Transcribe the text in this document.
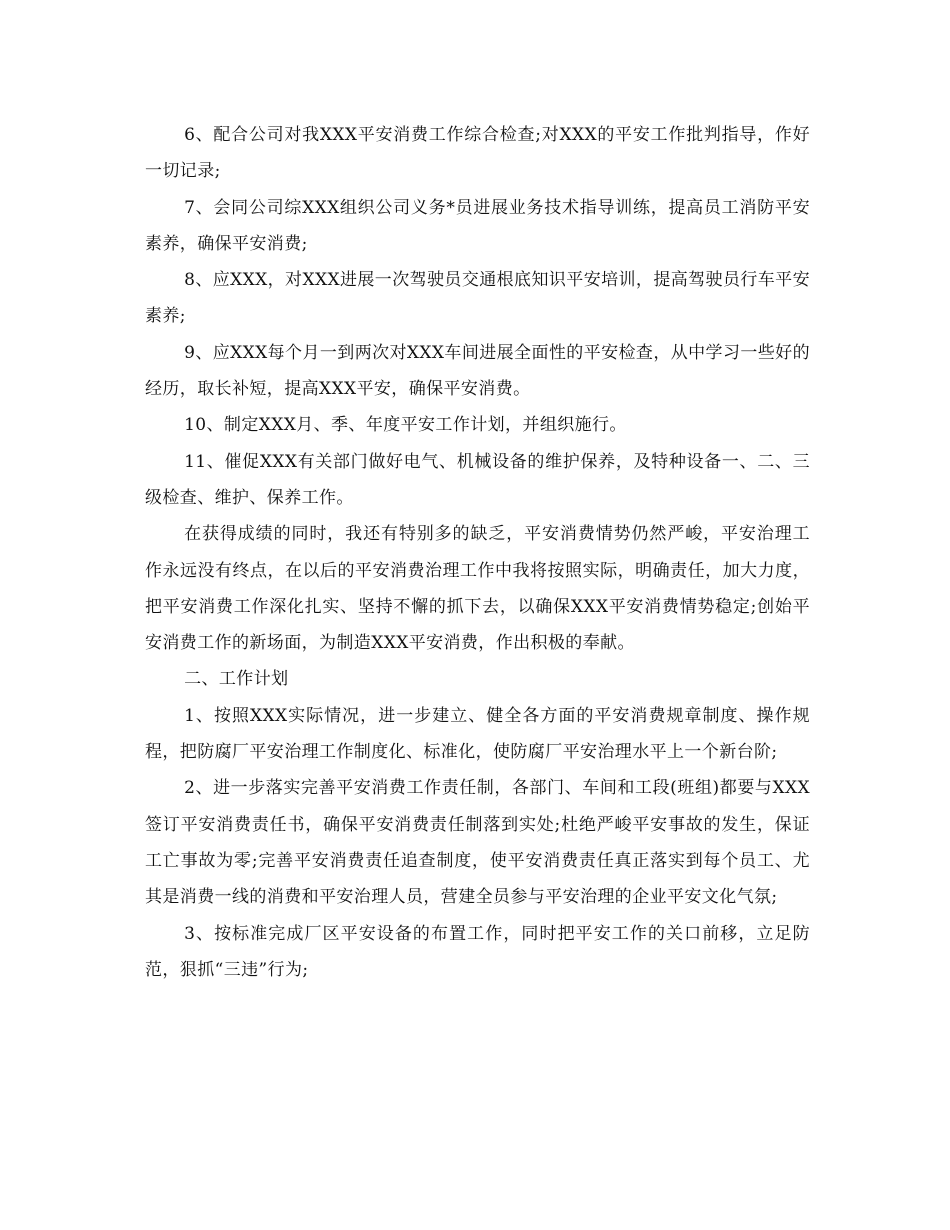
6、配合公司对我XXX平安消费工作综合检查;对XXX的平安工作批判指导，作好一切记录;

7、会同公司综XXX组织公司义务*员进展业务技术指导训练，提高员工消防平安素养，确保平安消费;

8、应XXX，对XXX进展一次驾驶员交通根底知识平安培训，提高驾驶员行车平安素养;

9、应XXX每个月一到两次对XXX车间进展全面性的平安检查，从中学习一些好的经历，取长补短，提高XXX平安，确保平安消费。

10、制定XXX月、季、年度平安工作计划，并组织施行。

11、催促XXX有关部门做好电气、机械设备的维护保养，及特种设备一、二、三级检查、维护、保养工作。

在获得成绩的同时，我还有特别多的缺乏，平安消费情势仍然严峻，平安治理工作永远没有终点，在以后的平安消费治理工作中我将按照实际，明确责任，加大力度，把平安消费工作深化扎实、坚持不懈的抓下去，以确保XXX平安消费情势稳定;创始平安消费工作的新场面，为制造XXX平安消费，作出积极的奉献。

二、工作计划

1、按照XXX实际情况，进一步建立、健全各方面的平安消费规章制度、操作规程，把防腐厂平安治理工作制度化、标准化，使防腐厂平安治理水平上一个新台阶;

2、进一步落实完善平安消费工作责任制，各部门、车间和工段(班组)都要与XXX签订平安消费责任书，确保平安消费责任制落到实处;杜绝严峻平安事故的发生，保证工亡事故为零;完善平安消费责任追查制度，使平安消费责任真正落实到每个员工、尤其是消费一线的消费和平安治理人员，营建全员参与平安治理的企业平安文化气氛;

3、按标准完成厂区平安设备的布置工作，同时把平安工作的关口前移，立足防范，狠抓“三违”行为;
